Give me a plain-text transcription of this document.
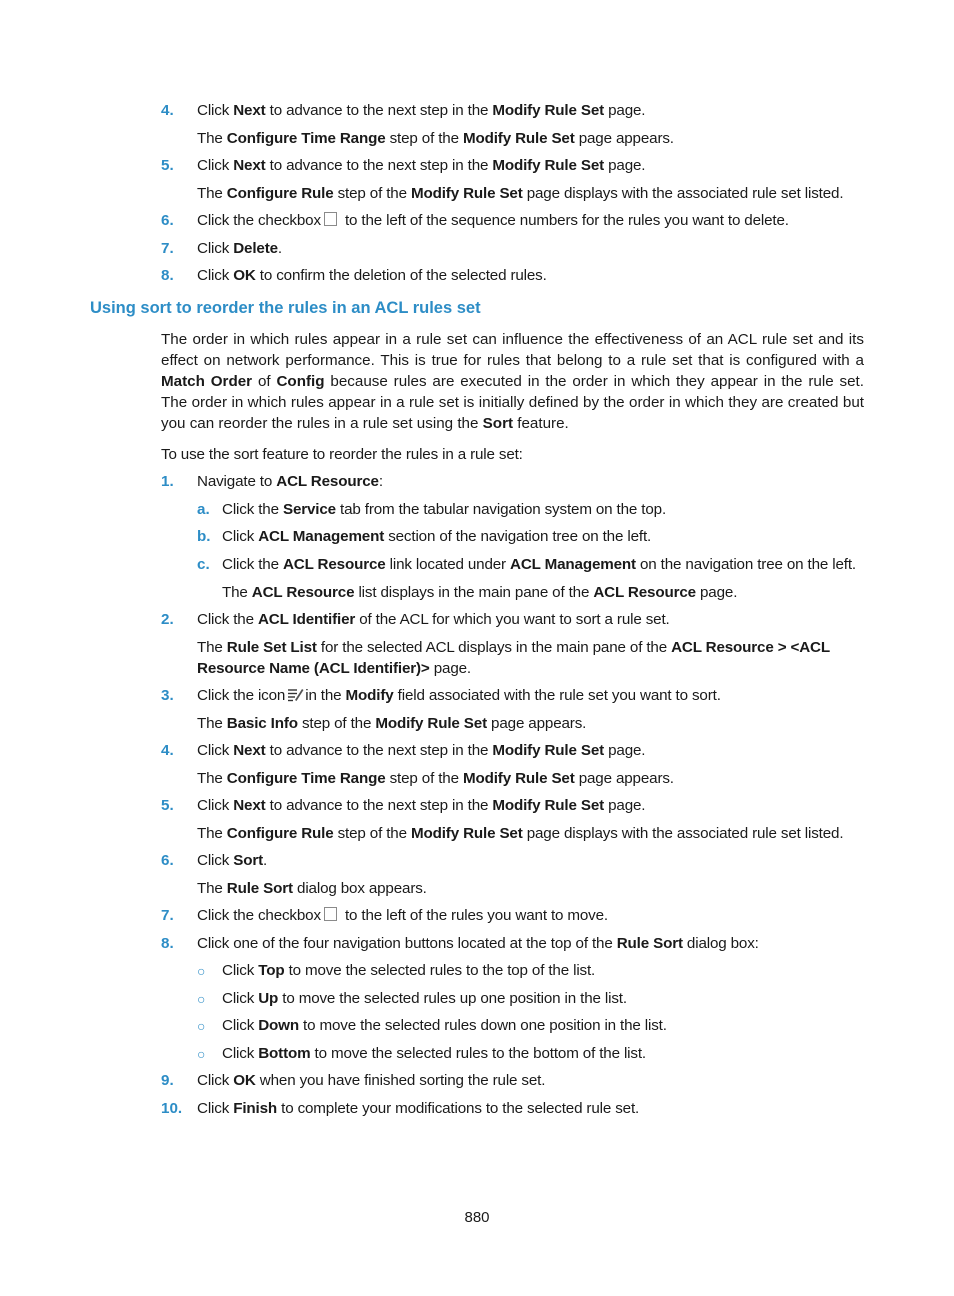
4. Click Next to advance to the next step in the Modify Rule Set page.
The Configure Time Range step of the Modify Rule Set page appears.
5. Click Next to advance to the next step in the Modify Rule Set page.
The Configure Rule step of the Modify Rule Set page displays with the associated rule set listed.
6. Click the checkbox to the left of the sequence numbers for the rules you want to delete.
7. Click Delete.
8. Click OK to confirm the deletion of the selected rules.
Using sort to reorder the rules in an ACL rules set
The order in which rules appear in a rule set can influence the effectiveness of an ACL rule set and its effect on network performance. This is true for rules that belong to a rule set that is configured with a Match Order of Config because rules are executed in the order in which they appear in the rule set. The order in which rules appear in a rule set is initially defined by the order in which they are created but you can reorder the rules in a rule set using the Sort feature.
To use the sort feature to reorder the rules in a rule set:
1. Navigate to ACL Resource:
a. Click the Service tab from the tabular navigation system on the top.
b. Click ACL Management section of the navigation tree on the left.
c. Click the ACL Resource link located under ACL Management on the navigation tree on the left.
The ACL Resource list displays in the main pane of the ACL Resource page.
2. Click the ACL Identifier of the ACL for which you want to sort a rule set.
The Rule Set List for the selected ACL displays in the main pane of the ACL Resource > <ACL
Resource Name (ACL Identifier)> page.
3. Click the icon in the Modify field associated with the rule set you want to sort.
The Basic Info step of the Modify Rule Set page appears.
4. Click Next to advance to the next step in the Modify Rule Set page.
The Configure Time Range step of the Modify Rule Set page appears.
5. Click Next to advance to the next step in the Modify Rule Set page.
The Configure Rule step of the Modify Rule Set page displays with the associated rule set listed.
6. Click Sort.
The Rule Sort dialog box appears.
7. Click the checkbox to the left of the rules you want to move.
8. Click one of the four navigation buttons located at the top of the Rule Sort dialog box:
○ Click Top to move the selected rules to the top of the list.
○ Click Up to move the selected rules up one position in the list.
○ Click Down to move the selected rules down one position in the list.
○ Click Bottom to move the selected rules to the bottom of the list.
9. Click OK when you have finished sorting the rule set.
10. Click Finish to complete your modifications to the selected rule set.
880
